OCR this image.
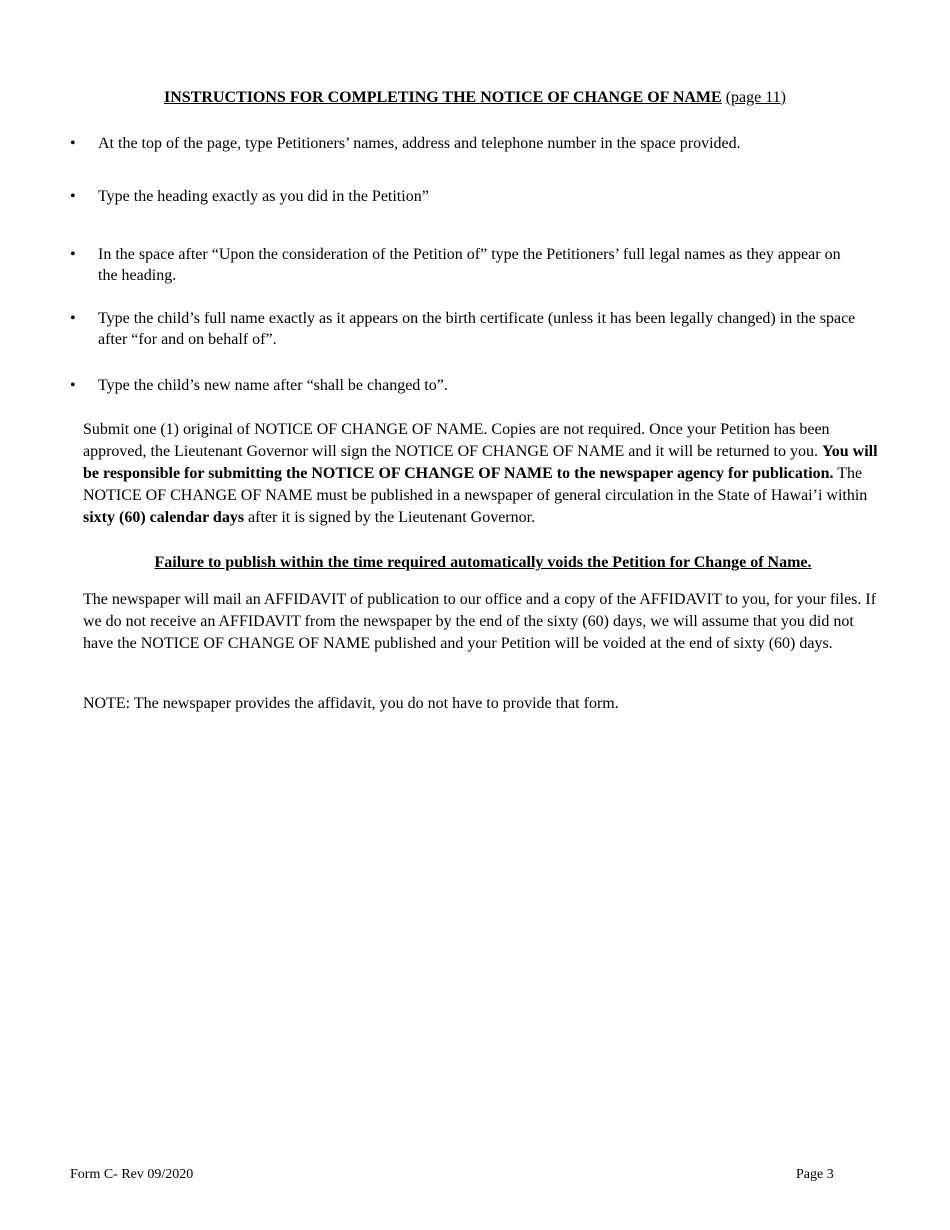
INSTRUCTIONS FOR COMPLETING THE NOTICE OF CHANGE OF NAME (page 11)
•	At the top of the page, type Petitioners’ names, address and telephone number in the space provided.
•	Type the heading exactly as you did in the Petition”
•	In the space after “Upon the consideration of the Petition of” type the Petitioners’ full legal names as they appear on the heading.
•	Type the child’s full name exactly as it appears on the birth certificate (unless it has been legally changed) in the space after “for and on behalf of”.
•	Type the child’s new name after “shall be changed to”.
Submit one (1) original of NOTICE OF CHANGE OF NAME. Copies are not required. Once your Petition has been approved, the Lieutenant Governor will sign the NOTICE OF CHANGE OF NAME and it will be returned to you. You will be responsible for submitting the NOTICE OF CHANGE OF NAME to the newspaper agency for publication. The NOTICE OF CHANGE OF NAME must be published in a newspaper of general circulation in the State of Hawai’i within sixty (60) calendar days after it is signed by the Lieutenant Governor.
Failure to publish within the time required automatically voids the Petition for Change of Name.
The newspaper will mail an AFFIDAVIT of publication to our office and a copy of the AFFIDAVIT to you, for your files. If we do not receive an AFFIDAVIT from the newspaper by the end of the sixty (60) days, we will assume that you did not have the NOTICE OF CHANGE OF NAME published and your Petition will be voided at the end of sixty (60) days.
NOTE: The newspaper provides the affidavit, you do not have to provide that form.
Form C- Rev 09/2020	Page 3
